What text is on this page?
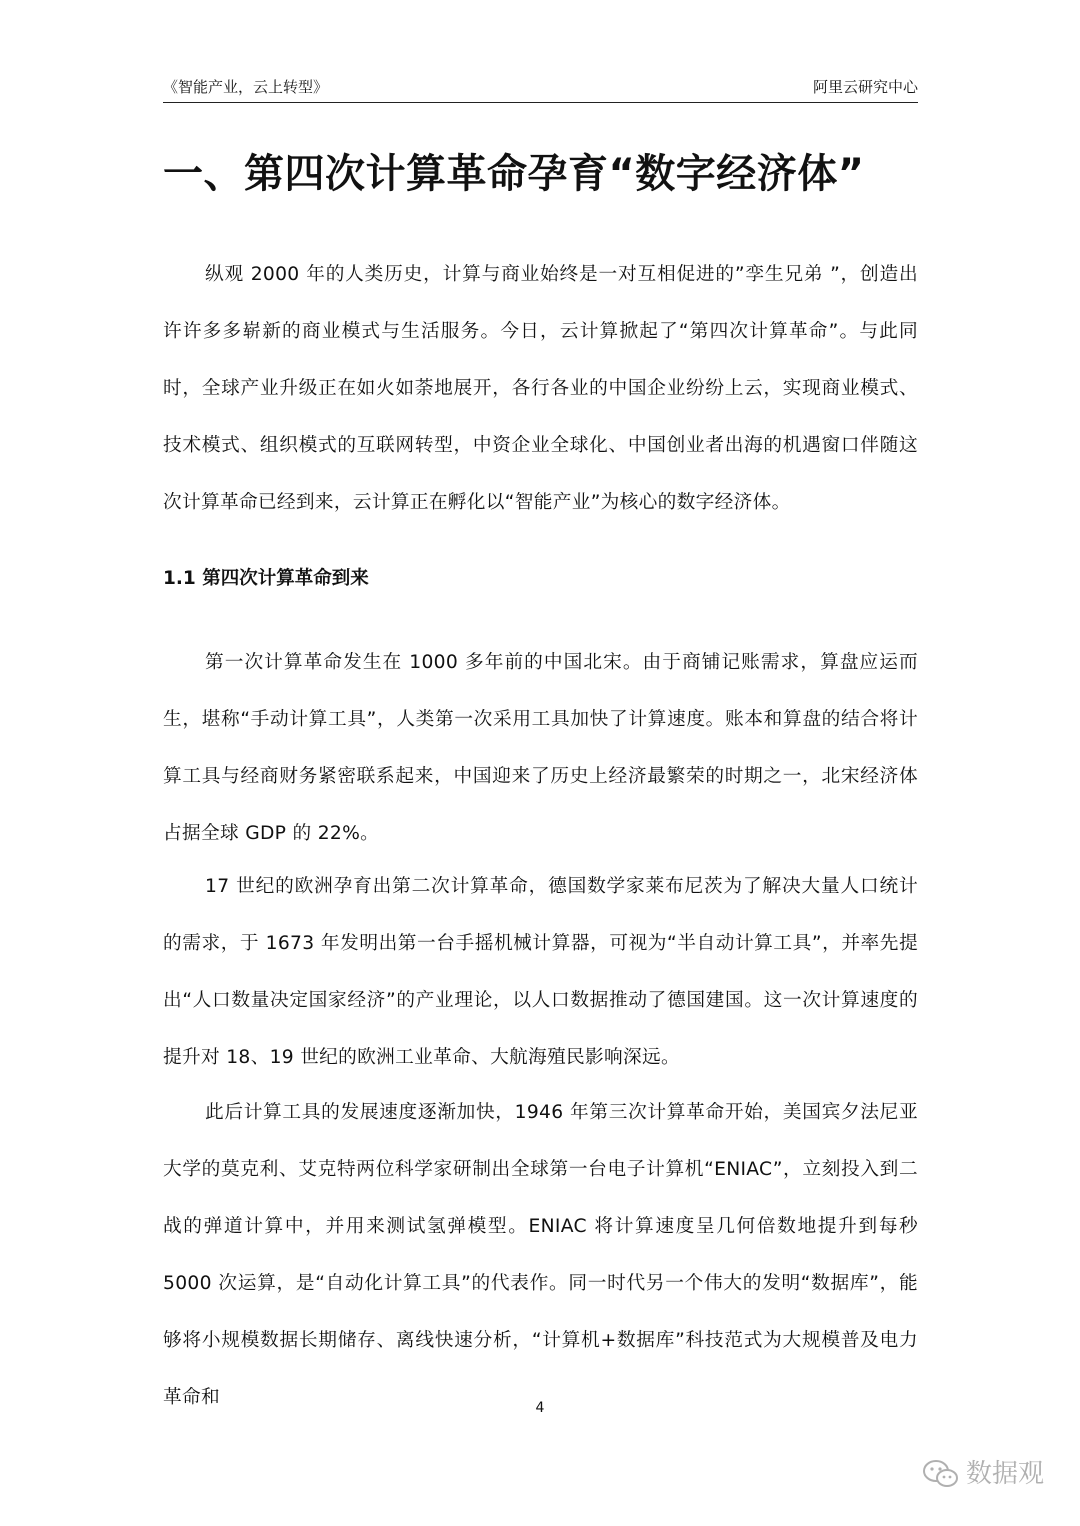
《智能产业，云上转型》	阿里云研究中心
一、第四次计算革命孕育“数字经济体”

纵观 2000 年的人类历史，计算与商业始终是一对互相促进的”孪生兄弟 ”，创造出许许多多崭新的商业模式与生活服务。今日，云计算掀起了“第四次计算革命”。与此同时，全球产业升级正在如火如荼地展开，各行各业的中国企业纷纷上云，实现商业模式、技术模式、组织模式的互联网转型，中资企业全球化、中国创业者出海的机遇窗口伴随这次计算革命已经到来，云计算正在孵化以“智能产业”为核心的数字经济体。

1.1 第四次计算革命到来

第一次计算革命发生在 1000 多年前的中国北宋。由于商铺记账需求，算盘应运而生，堪称“手动计算工具”，人类第一次采用工具加快了计算速度。账本和算盘的结合将计算工具与经商财务紧密联系起来，中国迎来了历史上经济最繁荣的时期之一，北宋经济体占据全球 GDP 的 22%。

17 世纪的欧洲孕育出第二次计算革命，德国数学家莱布尼茨为了解决大量人口统计的需求，于 1673 年发明出第一台手摇机械计算器，可视为“半自动计算工具”，并率先提出“人口数量决定国家经济”的产业理论，以人口数据推动了德国建国。这一次计算速度的提升对 18、19 世纪的欧洲工业革命、大航海殖民影响深远。

此后计算工具的发展速度逐渐加快，1946 年第三次计算革命开始，美国宾夕法尼亚大学的莫克利、艾克特两位科学家研制出全球第一台电子计算机“ENIAC”，立刻投入到二战的弹道计算中，并用来测试氢弹模型。ENIAC 将计算速度呈几何倍数地提升到每秒 5000 次运算，是“自动化计算工具”的代表作。同一时代另一个伟大的发明“数据库”，能够将小规模数据长期储存、离线快速分析，“计算机+数据库”科技范式为大规模普及电力革命和	4
数据观
